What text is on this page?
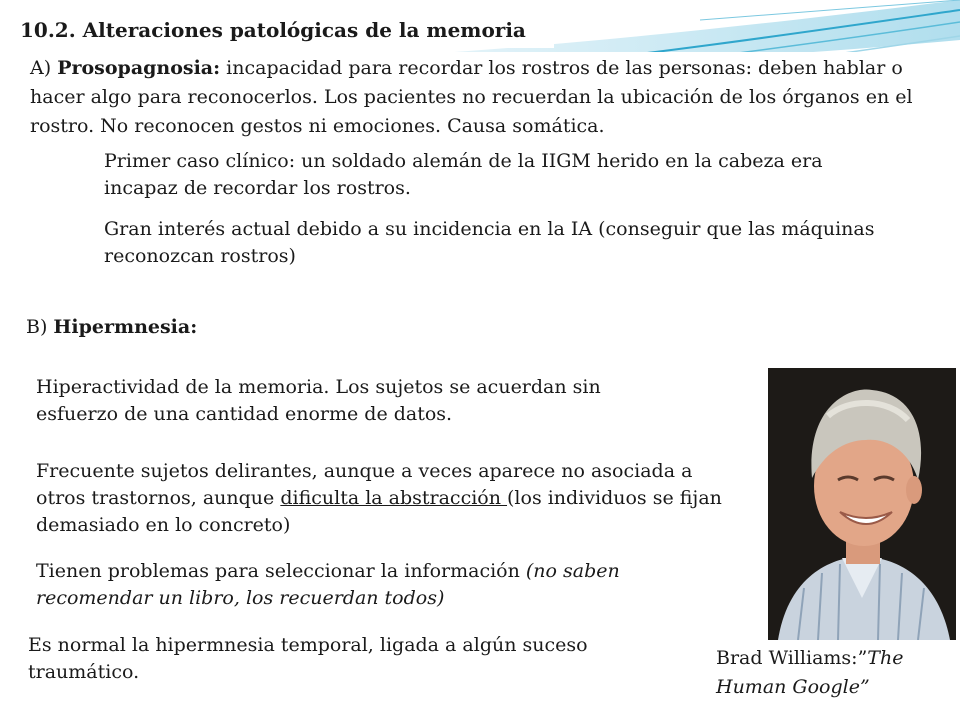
10.2. Alteraciones patológicas de la memoria
A) Prosopagnosia: incapacidad para recordar los rostros de las personas: deben hablar o hacer algo para reconocerlos. Los pacientes no recuerdan la ubicación de los órganos en el rostro. No reconocen gestos ni emociones. Causa somática.
Primer caso clínico: un soldado alemán de la IIGM herido en la cabeza era incapaz de recordar los rostros.
Gran interés actual debido a su incidencia en la IA (conseguir que las máquinas reconozcan rostros)
B) Hipermnesia:
Hiperactividad de la memoria. Los sujetos se acuerdan sin esfuerzo de una cantidad enorme de datos.
Frecuente sujetos delirantes, aunque a veces aparece no asociada a otros trastornos, aunque dificulta la abstracción (los individuos se fijan demasiado en lo concreto)
Tienen problemas para seleccionar la información (no saben recomendar un libro, los recuerdan todos)
Es normal la hipermnesia temporal, ligada a algún suceso traumático.
Brad Williams:”The Human Google”
